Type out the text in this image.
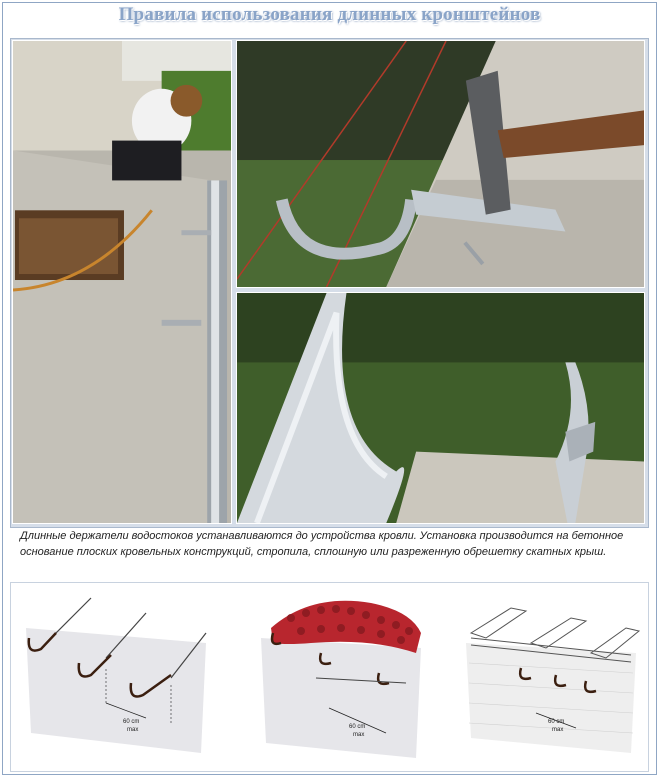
Правила использования длинных кронштейнов
Длинные держатели водостоков устанавливаются до устройства кровли. Установка производится на бетонное основание плоских кровельных конструкций, стропила, сплошную или разреженную обрешетку скатных крыш.
60 cm
max	60 cm
max
60 cm
max
